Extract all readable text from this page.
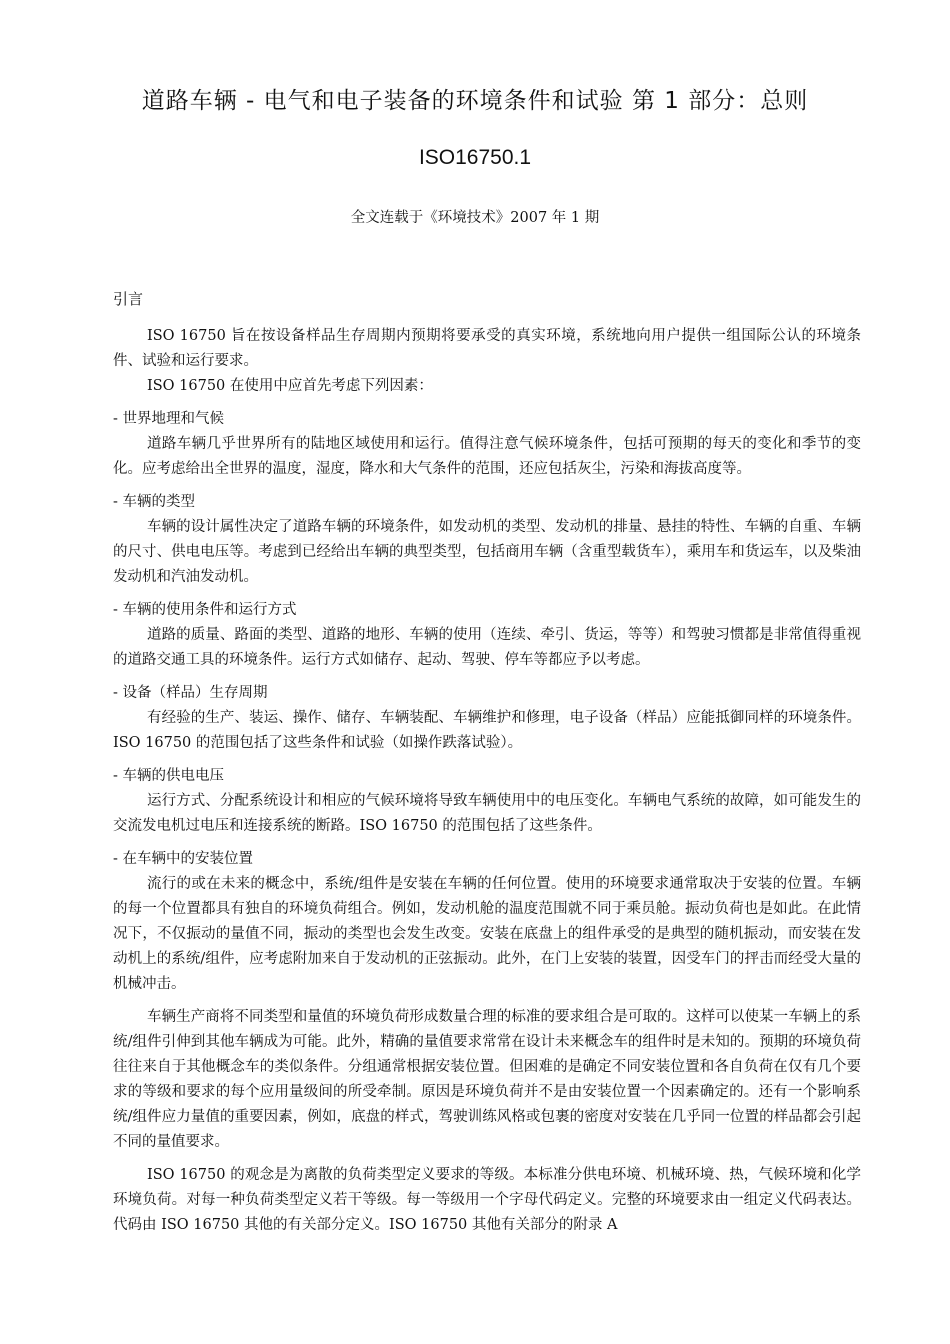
道路车辆 - 电气和电子装备的环境条件和试验 第 1 部分：总则
ISO16750.1
全文连载于《环境技术》2007 年 1 期
引言

ISO 16750 旨在按设备样品生存周期内预期将要承受的真实环境，系统地向用户提供一组国际公认的环境条件、试验和运行要求。

ISO 16750 在使用中应首先考虑下列因素：

- 世界地理和气候

道路车辆几乎世界所有的陆地区域使用和运行。值得注意气候环境条件，包括可预期的每天的变化和季节的变化。应考虑给出全世界的温度，湿度，降水和大气条件的范围，还应包括灰尘，污染和海拔高度等。

- 车辆的类型

车辆的设计属性决定了道路车辆的环境条件，如发动机的类型、发动机的排量、悬挂的特性、车辆的自重、车辆的尺寸、供电电压等。考虑到已经给出车辆的典型类型，包括商用车辆（含重型载货车），乘用车和货运车，以及柴油发动机和汽油发动机。

- 车辆的使用条件和运行方式

道路的质量、路面的类型、道路的地形、车辆的使用（连续、牵引、货运，等等）和驾驶习惯都是非常值得重视的道路交通工具的环境条件。运行方式如储存、起动、驾驶、停车等都应予以考虑。

- 设备（样品）生存周期

有经验的生产、装运、操作、储存、车辆装配、车辆维护和修理，电子设备（样品）应能抵御同样的环境条件。ISO 16750 的范围包括了这些条件和试验（如操作跌落试验）。

- 车辆的供电电压

运行方式、分配系统设计和相应的气候环境将导致车辆使用中的电压变化。车辆电气系统的故障，如可能发生的交流发电机过电压和连接系统的断路。ISO 16750 的范围包括了这些条件。

- 在车辆中的安装位置

流行的或在未来的概念中，系统/组件是安装在车辆的任何位置。使用的环境要求通常取决于安装的位置。车辆的每一个位置都具有独自的环境负荷组合。例如，发动机舱的温度范围就不同于乘员舱。振动负荷也是如此。在此情况下，不仅振动的量值不同，振动的类型也会发生改变。安装在底盘上的组件承受的是典型的随机振动，而安装在发动机上的系统/组件，应考虑附加来自于发动机的正弦振动。此外，在门上安装的装置，因受车门的抨击而经受大量的机械冲击。

车辆生产商将不同类型和量值的环境负荷形成数量合理的标准的要求组合是可取的。这样可以使某一车辆上的系统/组件引伸到其他车辆成为可能。此外，精确的量值要求常常在设计未来概念车的组件时是未知的。预期的环境负荷往往来自于其他概念车的类似条件。分组通常根据安装位置。但困难的是确定不同安装位置和各自负荷在仅有几个要求的等级和要求的每个应用量级间的所受牵制。原因是环境负荷并不是由安装位置一个因素确定的。还有一个影响系统/组件应力量值的重要因素，例如，底盘的样式，驾驶训练风格或包裹的密度对安装在几乎同一位置的样品都会引起不同的量值要求。

ISO 16750 的观念是为离散的负荷类型定义要求的等级。本标准分供电环境、机械环境、热，气候环境和化学环境负荷。对每一种负荷类型定义若干等级。每一等级用一个字母代码定义。完整的环境要求由一组定义代码表达。代码由 ISO 16750 其他的有关部分定义。ISO 16750 其他有关部分的附录 A
